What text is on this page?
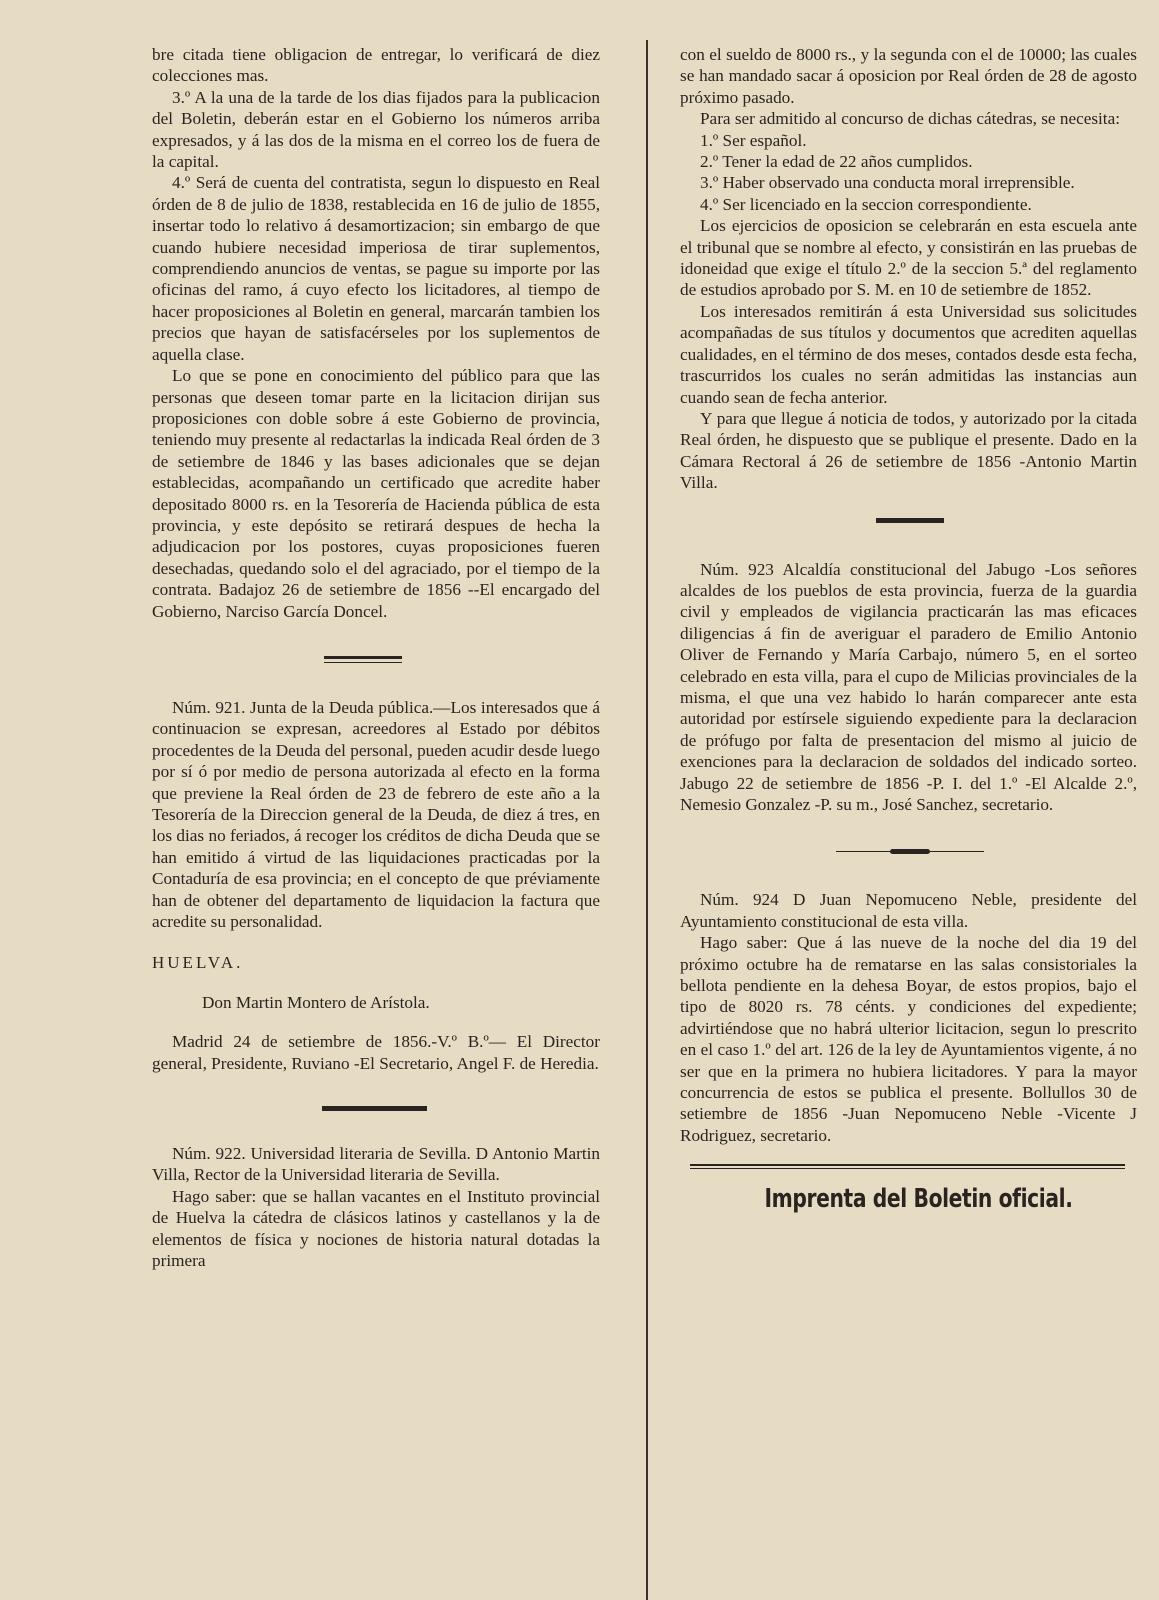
bre citada tiene obligacion de entregar, lo verificará de diez colecciones mas.

3.º A la una de la tarde de los dias fijados para la publicacion del Boletin, deberán estar en el Gobierno los números arriba expresados, y á las dos de la misma en el correo los de fuera de la capital.

4.º Será de cuenta del contratista, segun lo dispuesto en Real órden de 8 de julio de 1838, restablecida en 16 de julio de 1855, insertar todo lo relativo á desamortizacion; sin embargo de que cuando hubiere necesidad imperiosa de tirar suplementos, comprendiendo anuncios de ventas, se pague su importe por las oficinas del ramo, á cuyo efecto los licitadores, al tiempo de hacer proposiciones al Boletin en general, marcarán tambien los precios que hayan de satisfacérseles por los suplementos de aquella clase.

Lo que se pone en conocimiento del público para que las personas que deseen tomar parte en la licitacion dirijan sus proposiciones con doble sobre á este Gobierno de provincia, teniendo muy presente al redactarlas la indicada Real órden de 3 de setiembre de 1846 y las bases adicionales que se dejan establecidas, acompañando un certificado que acredite haber depositado 8000 rs. en la Tesorería de Hacienda pública de esta provincia, y este depósito se retirará despues de hecha la adjudicacion por los postores, cuyas proposiciones fueren desechadas, quedando solo el del agraciado, por el tiempo de la contrata. Badajoz 26 de setiembre de 1856 --El encargado del Gobierno, Narciso García Doncel.

Núm. 921. Junta de la Deuda pública.—Los interesados que á continuacion se expresan, acreedores al Estado por débitos procedentes de la Deuda del personal, pueden acudir desde luego por sí ó por medio de persona autorizada al efecto en la forma que previene la Real órden de 23 de febrero de este año a la Tesorería de la Direccion general de la Deuda, de diez á tres, en los dias no feriados, á recoger los créditos de dicha Deuda que se han emitido á virtud de las liquidaciones practicadas por la Contaduría de esa provincia; en el concepto de que préviamente han de obtener del departamento de liquidacion la factura que acredite su personalidad.

HUELVA.

Don Martin Montero de Arístola.

Madrid 24 de setiembre de 1856.-V.º B.º— El Director general, Presidente, Ruviano -El Secretario, Angel F. de Heredia.

Núm. 922. Universidad literaria de Sevilla. D Antonio Martin Villa, Rector de la Universidad literaria de Sevilla.

Hago saber: que se hallan vacantes en el Instituto provincial de Huelva la cátedra de clásicos latinos y castellanos y la de elementos de física y nociones de historia natural dotadas la primera

con el sueldo de 8000 rs., y la segunda con el de 10000; las cuales se han mandado sacar á oposicion por Real órden de 28 de agosto próximo pasado.

Para ser admitido al concurso de dichas cátedras, se necesita:

1.º Ser español.

2.º Tener la edad de 22 años cumplidos.

3.º Haber observado una conducta moral irreprensible.

4.º Ser licenciado en la seccion correspondiente.

Los ejercicios de oposicion se celebrarán en esta escuela ante el tribunal que se nombre al efecto, y consistirán en las pruebas de idoneidad que exige el título 2.º de la seccion 5.ª del reglamento de estudios aprobado por S. M. en 10 de setiembre de 1852.

Los interesados remitirán á esta Universidad sus solicitudes acompañadas de sus títulos y documentos que acrediten aquellas cualidades, en el término de dos meses, contados desde esta fecha, trascurridos los cuales no serán admitidas las instancias aun cuando sean de fecha anterior.

Y para que llegue á noticia de todos, y autorizado por la citada Real órden, he dispuesto que se publique el presente. Dado en la Cámara Rectoral á 26 de setiembre de 1856 -Antonio Martin Villa.

Núm. 923 Alcaldía constitucional del Jabugo -Los señores alcaldes de los pueblos de esta provincia, fuerza de la guardia civil y empleados de vigilancia practicarán las mas eficaces diligencias á fin de averiguar el paradero de Emilio Antonio Oliver de Fernando y María Carbajo, número 5, en el sorteo celebrado en esta villa, para el cupo de Milicias provinciales de la misma, el que una vez habido lo harán comparecer ante esta autoridad por estírsele siguiendo expediente para la declaracion de prófugo por falta de presentacion del mismo al juicio de exenciones para la declaracion de soldados del indicado sorteo. Jabugo 22 de setiembre de 1856 -P. I. del 1.º -El Alcalde 2.º, Nemesio Gonzalez -P. su m., José Sanchez, secretario.

Núm. 924 D Juan Nepomuceno Neble, presidente del Ayuntamiento constitucional de esta villa.

Hago saber: Que á las nueve de la noche del dia 19 del próximo octubre ha de rematarse en las salas consistoriales la bellota pendiente en la dehesa Boyar, de estos propios, bajo el tipo de 8020 rs. 78 cénts. y condiciones del expediente; advirtiéndose que no habrá ulterior licitacion, segun lo prescrito en el caso 1.º del art. 126 de la ley de Ayuntamientos vigente, á no ser que en la primera no hubiera licitadores. Y para la mayor concurrencia de estos se publica el presente. Bollullos 30 de setiembre de 1856 -Juan Nepomuceno Neble -Vicente J Rodriguez, secretario.

Imprenta del Boletin oficial.
